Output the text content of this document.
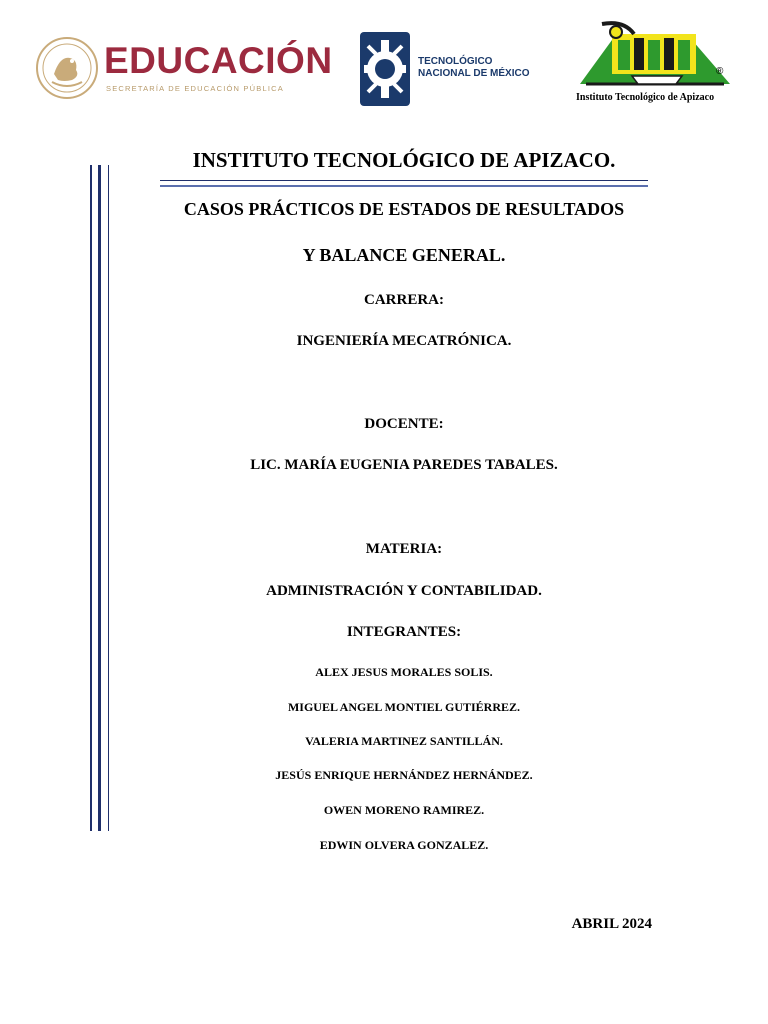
EDUCACIÓN
SECRETARÍA DE EDUCACIÓN PÚBLICA
TECNOLÓGICO
NACIONAL DE MÉXICO	®
Instituto Tecnológico de Apizaco
INSTITUTO TECNOLÓGICO DE APIZACO.
CASOS PRÁCTICOS DE ESTADOS DE RESULTADOS
Y BALANCE GENERAL.
CARRERA:
INGENIERÍA MECATRÓNICA.
DOCENTE:
LIC. MARÍA EUGENIA PAREDES TABALES.
MATERIA:
ADMINISTRACIÓN Y CONTABILIDAD.
INTEGRANTES:
ALEX JESUS MORALES SOLIS.
MIGUEL ANGEL MONTIEL GUTIÉRREZ.
VALERIA MARTINEZ SANTILLÁN.
JESÚS ENRIQUE HERNÁNDEZ HERNÁNDEZ.
OWEN MORENO RAMIREZ.
EDWIN OLVERA GONZALEZ.
ABRIL 2024
